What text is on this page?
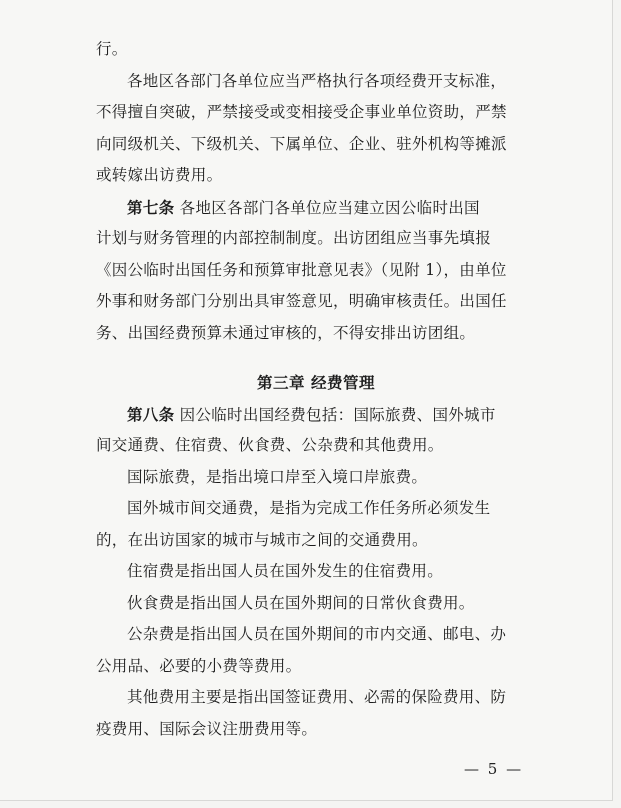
行。
各地区各部门各单位应当严格执行各项经费开支标准，
不得擅自突破，严禁接受或变相接受企事业单位资助，严禁
向同级机关、下级机关、下属单位、企业、驻外机构等摊派
或转嫁出访费用。
第七条 各地区各部门各单位应当建立因公临时出国
计划与财务管理的内部控制制度。出访团组应当事先填报
《因公临时出国任务和预算审批意见表》（见附 1），由单位
外事和财务部门分别出具审签意见，明确审核责任。出国任
务、出国经费预算未通过审核的，不得安排出访团组。
第三章 经费管理
第八条 因公临时出国经费包括：国际旅费、国外城市
间交通费、住宿费、伙食费、公杂费和其他费用。
国际旅费，是指出境口岸至入境口岸旅费。
国外城市间交通费，是指为完成工作任务所必须发生
的，在出访国家的城市与城市之间的交通费用。
住宿费是指出国人员在国外发生的住宿费用。
伙食费是指出国人员在国外期间的日常伙食费用。
公杂费是指出国人员在国外期间的市内交通、邮电、办
公用品、必要的小费等费用。
其他费用主要是指出国签证费用、必需的保险费用、防
疫费用、国际会议注册费用等。
— 5 —
